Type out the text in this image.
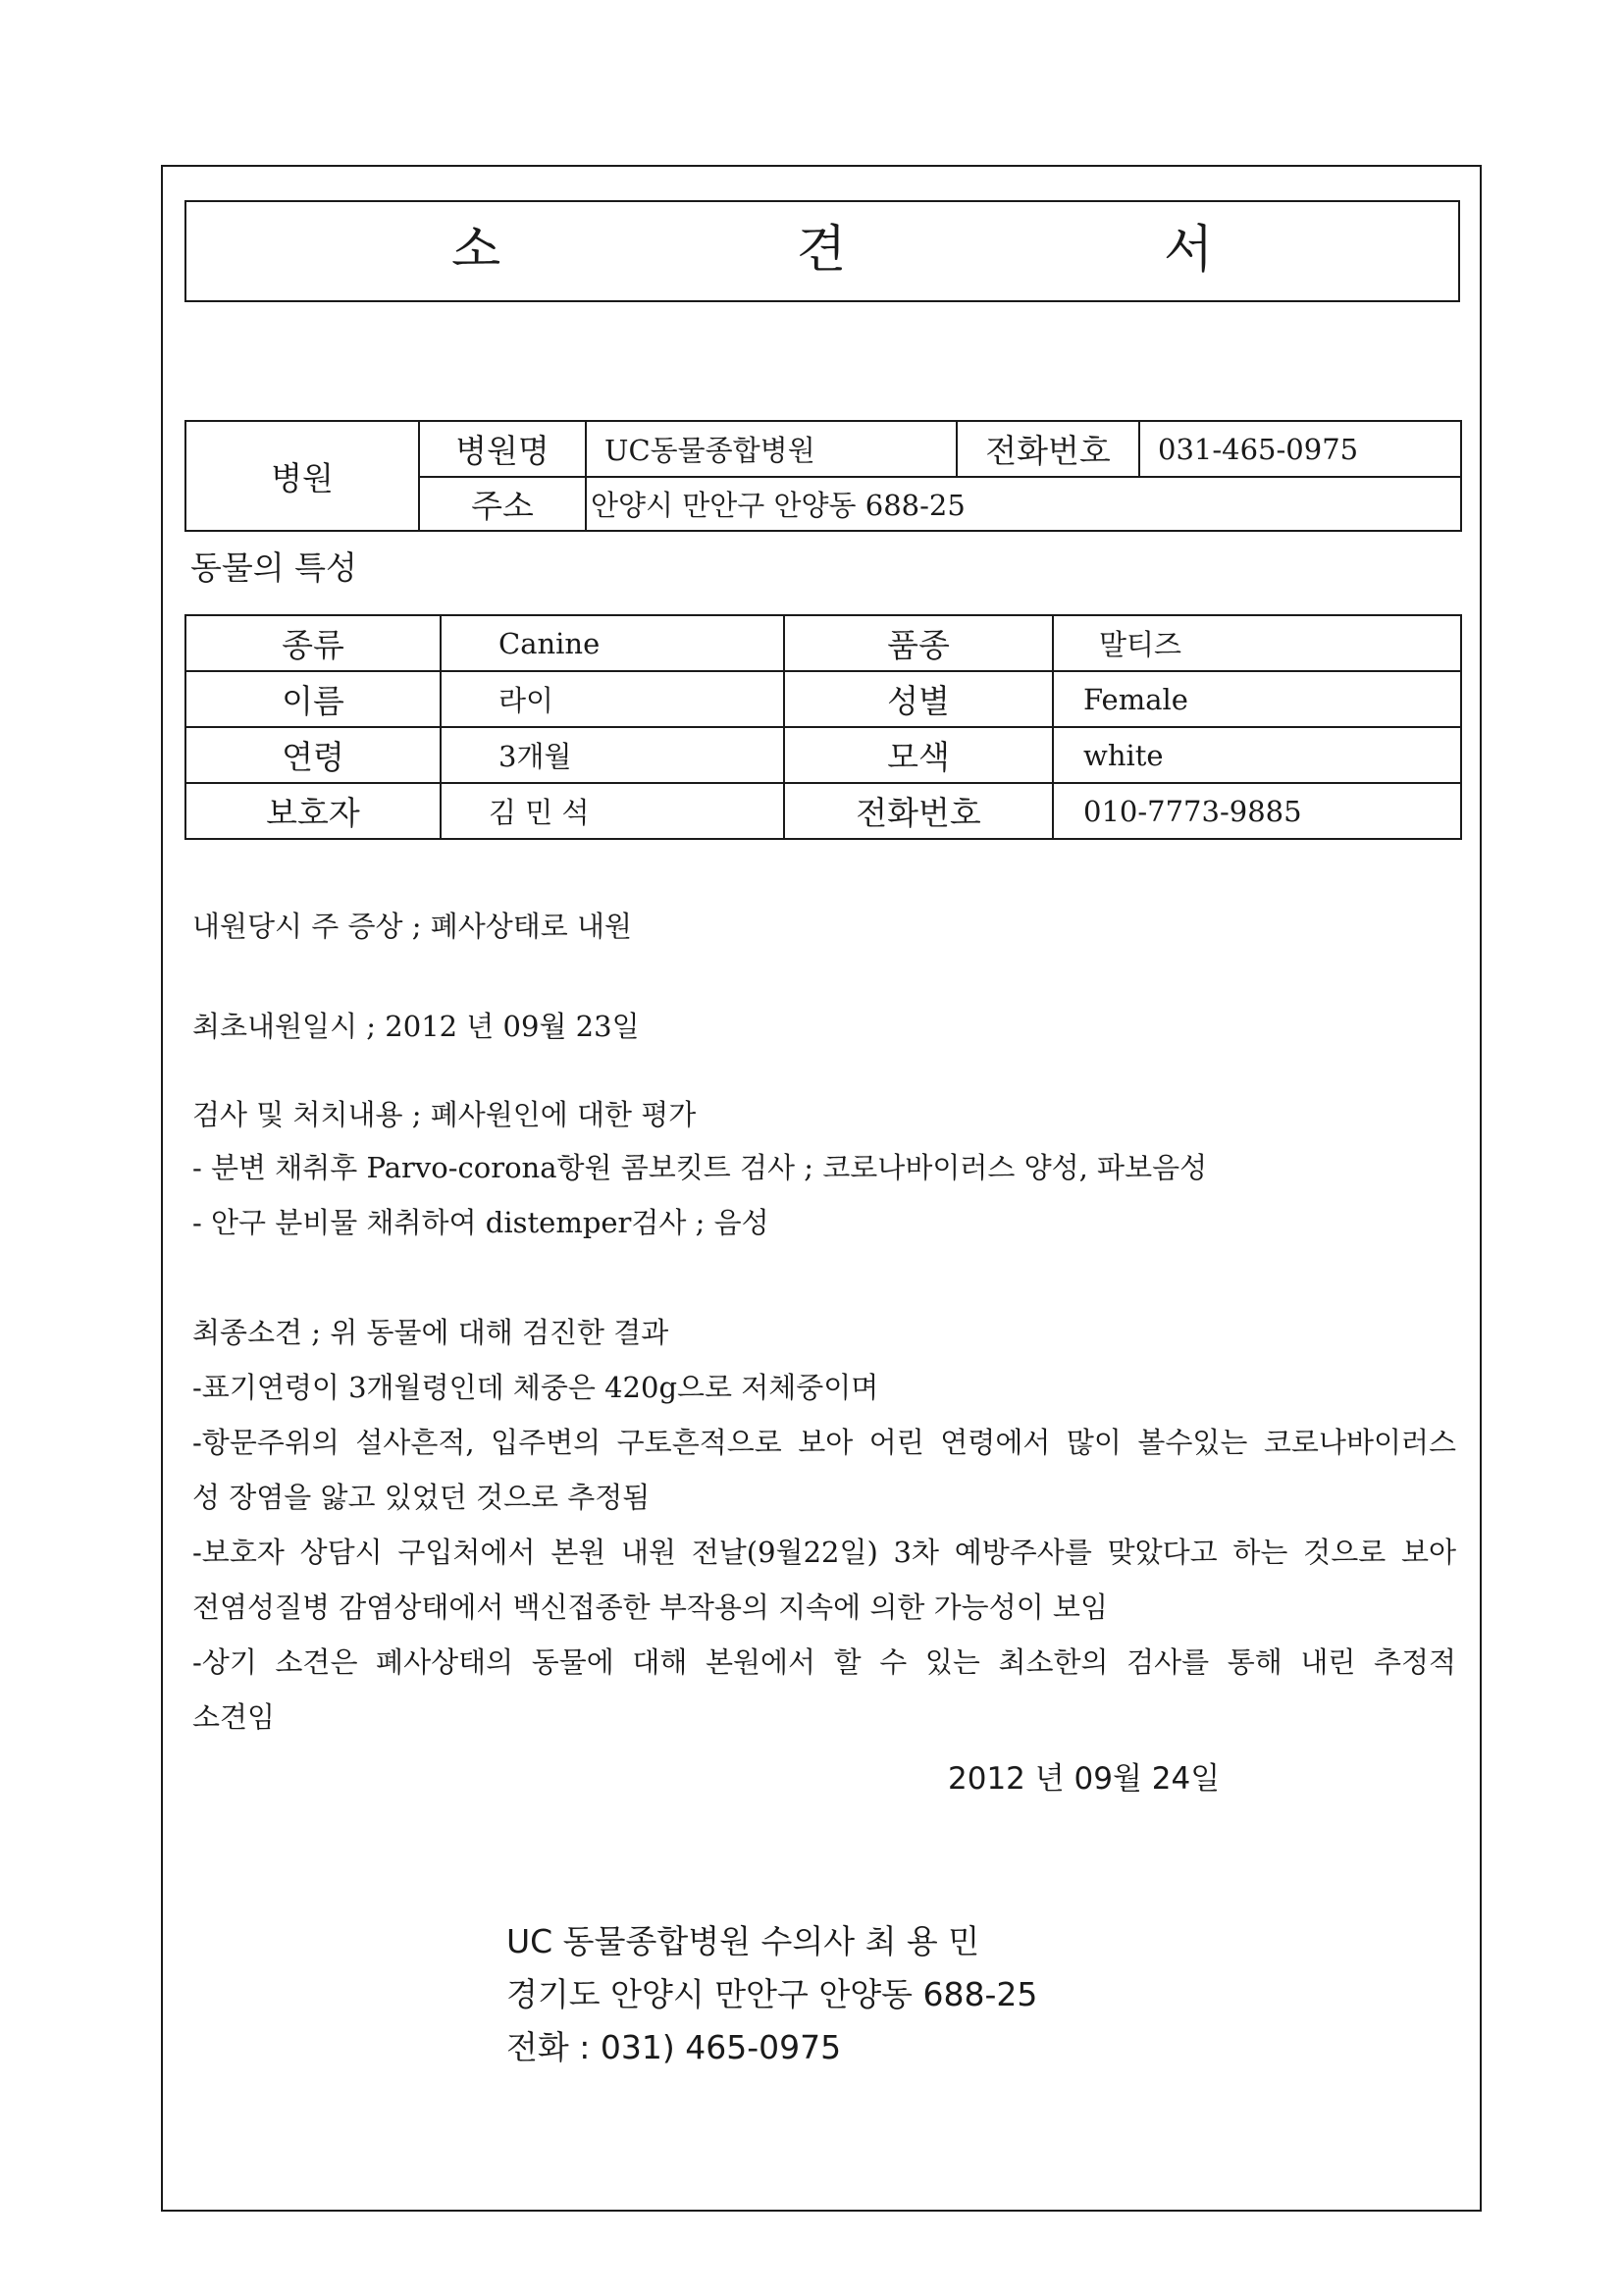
소	견	서
병원	병원명	UC동물종합병원	전화번호	031-465-0975
	주소	안양시 만안구 안양동 688-25		
동물의 특성
종류	Canine	품종	말티즈
이름	라이	성별	Female
연령	3개월	모색	white
보호자	김 민 석	전화번호	010-7773-9885
내원당시 주 증상 ; 폐사상태로 내원
최초내원일시 ; 2012 년 09월 23일
검사 및 처치내용 ; 폐사원인에 대한 평가
- 분변 채취후 Parvo-corona항원 콤보킷트 검사 ; 코로나바이러스 양성, 파보음성
- 안구 분비물 채취하여 distemper검사 ; 음성
최종소견 ; 위 동물에 대해 검진한 결과
-표기연령이 3개월령인데 체중은 420g으로 저체중이며
-항문주위의 설사흔적, 입주변의 구토흔적으로 보아 어린 연령에서 많이 볼수있는 코로나바이러스
성 장염을 앓고 있었던 것으로 추정됨
-보호자 상담시 구입처에서 본원 내원 전날(9월22일) 3차 예방주사를 맞았다고 하는 것으로 보아
전염성질병 감염상태에서 백신접종한 부작용의 지속에 의한 가능성이 보임
-상기 소견은 폐사상태의 동물에 대해 본원에서 할 수 있는 최소한의 검사를 통해 내린 추정적
소견임
2012 년 09월 24일
UC 동물종합병원 수의사 최 용 민
경기도 안양시 만안구 안양동 688-25
전화 : 031) 465-0975
